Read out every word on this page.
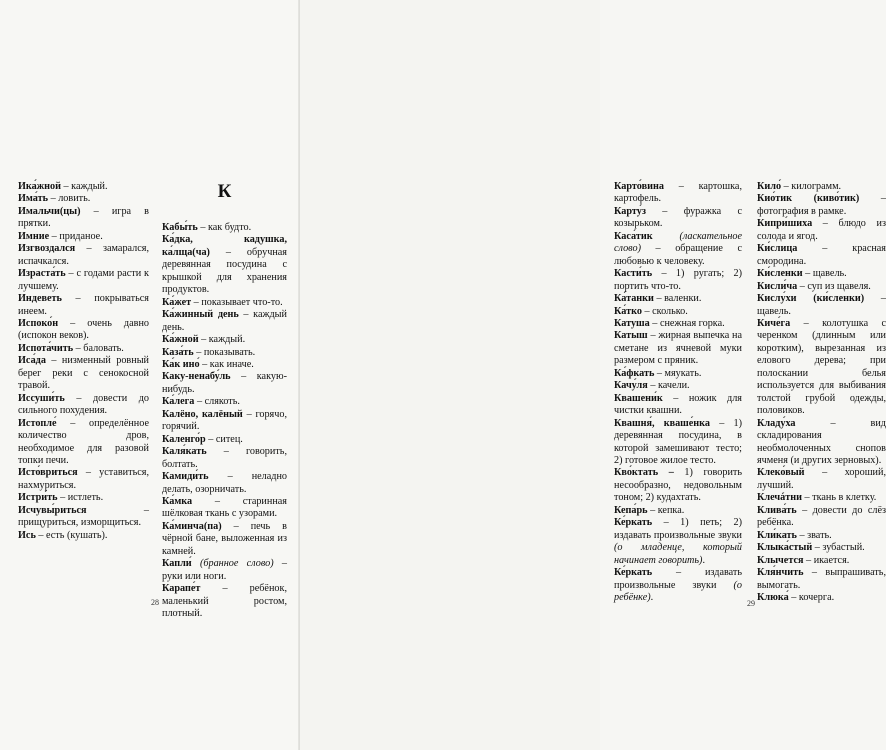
Ика́жной – каждый.
Има́ть – ловить.
Имальчи(цы) – игра в прятки.
Имние – приданое.
Изгвоздался – замарался, испачкался.
Израста́ть – с годами расти к лучшему.
Индеветь – покрываться инеем.
Испоко́н – очень давно (испокон веков).
Испота́чить – баловать.
Иса́да – низменный ровный берег реки с сенокосной травой.
Иссуши́ть – довести до сильного похудения.
Истопле́ – определённое количество дров, необходимое для разовой топки печи.
Исто́вриться – уставиться, нахмуриться.
Истри́ть – истлеть.
Исчувы́риться – прищуриться, изморщиться.
Ись – есть (кушать).
К
Кабы́ть – как будто.
Ка́дка, кадушка, ка́лща(ча) – обручная деревянная посудина с крышкой для хранения продуктов.
Ка́жет – показывает что-то.
Ка́жинный день – каждый день.
Ка́жной – каждый.
Каза́ть – показывать.
Ка́к ино́ – как иначе.
Каку-ненабу́ль – какую-нибудь.
Ка́лега – слякоть.
Калёно, калёный – горячо, горячий.
Каленго́р – ситец.
Каля́кать – говорить, болтать.
Камиди́ть – неладно делать, озорничать.
Ка́мка – старинная шёлковая ткань с узорами.
Ка́минча(па) – печь в чёрной бане, выложенная из камней.
Капли́ (бранное слово) – руки или ноги.
Карапе́т – ребёнок, маленький ростом, плотный.
28
Карто́вина – картошка, картофель.
Карту́з – фуражка с козырьком.
Каса́тик	(ласкательное слово) – обращение с любовью к человеку.
Касти́ть – 1) ругать; 2) портить что-то.
Ка́танки – валенки.
Ка́тко – сколько.
Катуша – снежная горка.
Катыш – жирная выпечка на сметане из ячневой муки размером с пряник.
Ка́фкать – мяукать.
Качу́ля – качели.
Квашени́к – ножик для чистки квашни.
Квашня́, кваше́нка – 1) деревянная посудина, в которой замешивают тесто; 2) готовое жилое тесто.
Кво́ктать – 1) говорить несообразно, недовольным тоном; 2) кудахтать.
Кепа́рь – кепка.
Ке́ркать – 1) петь; 2) издавать произвольные звуки (о младенце, который начинает говорить).
Ке́ркать – издавать произвольные звуки (о ребёнке).
Кило́ – килограмм.
Кио́тик (киво́тик) – фотография в рамке.
Кипри́шиха – блюдо из солода и ягод.
Ки́слица – красная смородина.
Ки́сленки – щавель.
Кисли́ча – суп из щавеля.
Кислу́хи (ки́сленки) – щавель.
Киче́га – колотушка с черенком (длинным или коротким), вырезанная из елового дерева; при полоскании белья используется для выбивания толстой грубой одежды, половиков.
Кладу́ха – вид складирования необмолоченных снопов ячменя (и других зерновых).
Клеко́вый – хороший, лучший.
Клечáтни – ткань в клетку.
Клива́ть – довести до слёз ребёнка.
Кли́кать – звать.
Клыка́стый – зубастый.
Клычется – икается.
Кля́нчить – выпрашивать, вымогать.
Клюка́ – кочерга.
29
